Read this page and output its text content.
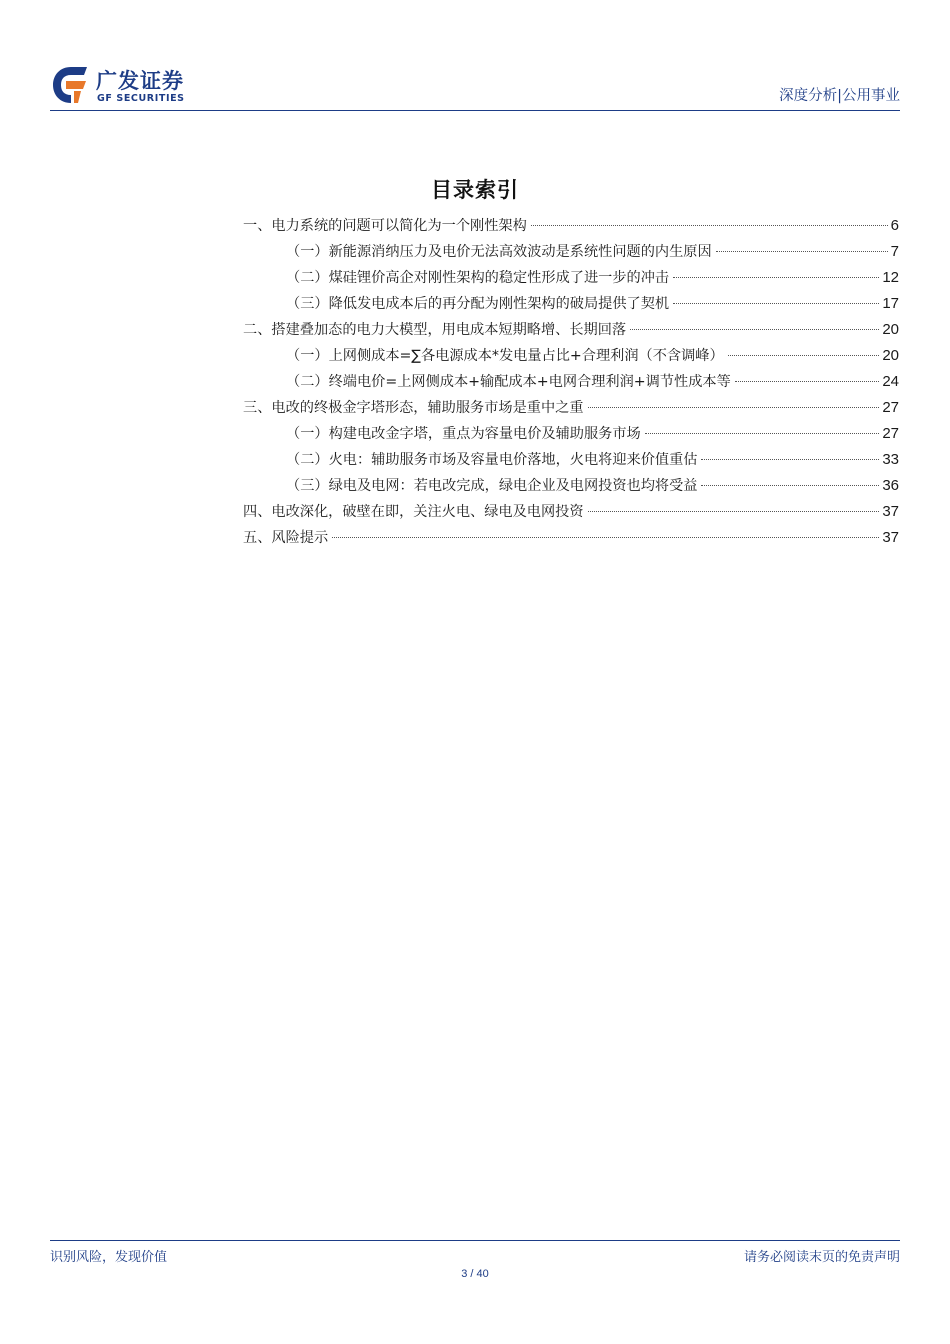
广发证券
GF SECURITIES	深度分析|公用事业
目录索引
一、电力系统的问题可以简化为一个刚性架构	6
（一）新能源消纳压力及电价无法高效波动是系统性问题的内生原因	7
（二）煤硅锂价高企对刚性架构的稳定性形成了进一步的冲击	12
（三）降低发电成本后的再分配为刚性架构的破局提供了契机	17
二、搭建叠加态的电力大模型，用电成本短期略增、长期回落	20
（一）上网侧成本=∑各电源成本*发电量占比+合理利润（不含调峰）	20
（二）终端电价=上网侧成本+输配成本+电网合理利润+调节性成本等	24
三、电改的终极金字塔形态，辅助服务市场是重中之重	27
（一）构建电改金字塔，重点为容量电价及辅助服务市场	27
（二）火电：辅助服务市场及容量电价落地，火电将迎来价值重估	33
（三）绿电及电网：若电改完成，绿电企业及电网投资也均将受益	36
四、电改深化，破壁在即，关注火电、绿电及电网投资	37
五、风险提示	37
识别风险，发现价值	请务必阅读末页的免责声明
3 / 40
